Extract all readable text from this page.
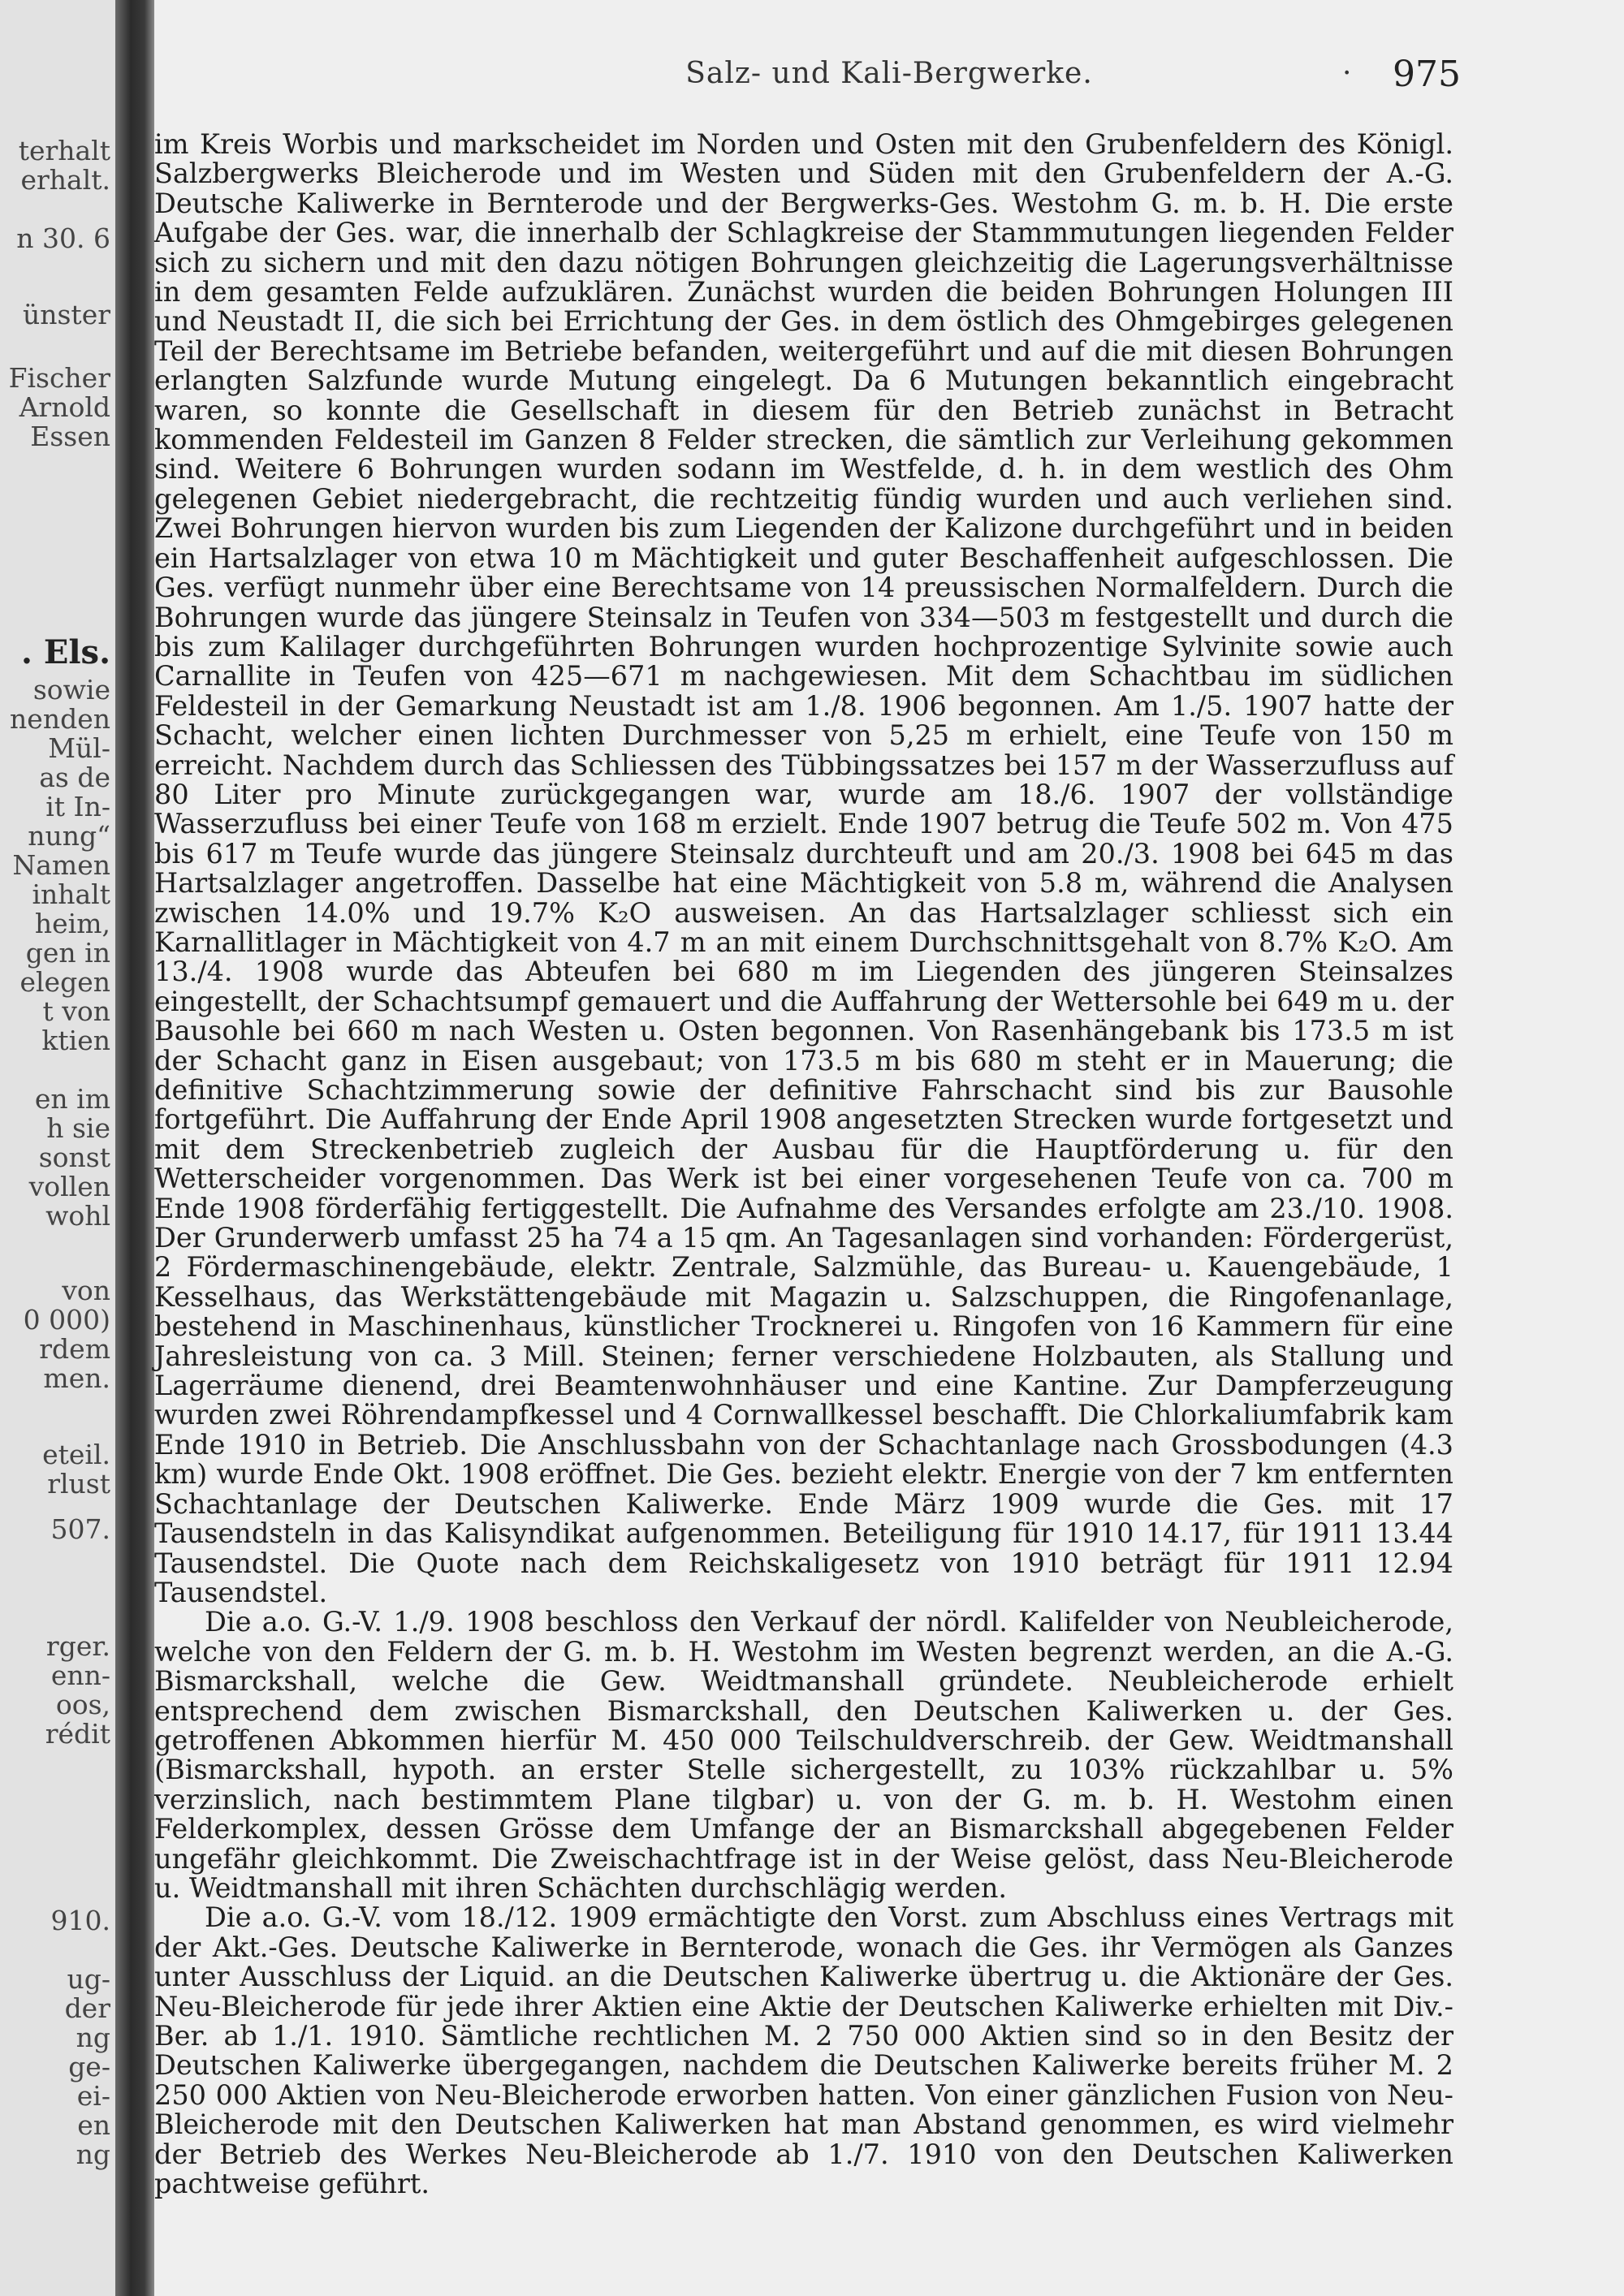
terhalt
erhalt.
n 30. 6
ünster
Fischer
Arnold
Essen
. Els.
sowie
nenden
Mül-
as de
it In-
nung“
Namen
inhalt
heim,
gen in
elegen
t von
ktien
en im
h sie
sonst
vollen
wohl
von
0 000)
rdem
men.
eteil.
rlust
507.
rger.
enn-
oos,
rédit
910.
ug-
der
ng
ge-
ei-
en
ng
Salz- und Kali-Bergwerke.	· 975

im Kreis Worbis und markscheidet im Norden und Osten mit den Grubenfeldern des Königl. Salzbergwerks Bleicherode und im Westen und Süden mit den Grubenfeldern der A.-G. Deutsche Kaliwerke in Bernterode und der Bergwerks-Ges. Westohm G. m. b. H. Die erste Aufgabe der Ges. war, die innerhalb der Schlagkreise der Stammmutungen liegenden Felder sich zu sichern und mit den dazu nötigen Bohrungen gleichzeitig die Lagerungsverhältnisse in dem gesamten Felde aufzuklären. Zunächst wurden die beiden Bohrungen Holungen III und Neustadt II, die sich bei Errichtung der Ges. in dem östlich des Ohmgebirges gelegenen Teil der Berechtsame im Betriebe befanden, weitergeführt und auf die mit diesen Bohrungen erlangten Salzfunde wurde Mutung eingelegt. Da 6 Mutungen bekanntlich eingebracht waren, so konnte die Gesellschaft in diesem für den Betrieb zunächst in Betracht kommenden Feldesteil im Ganzen 8 Felder strecken, die sämtlich zur Verleihung gekommen sind. Weitere 6 Bohrungen wurden sodann im Westfelde, d. h. in dem westlich des Ohm gelegenen Gebiet niedergebracht, die rechtzeitig fündig wurden und auch verliehen sind. Zwei Bohrungen hiervon wurden bis zum Liegenden der Kalizone durchgeführt und in beiden ein Hartsalzlager von etwa 10 m Mächtigkeit und guter Beschaffenheit aufgeschlossen. Die Ges. verfügt nunmehr über eine Berechtsame von 14 preussischen Normalfeldern. Durch die Bohrungen wurde das jüngere Steinsalz in Teufen von 334—503 m festgestellt und durch die bis zum Kalilager durchgeführten Bohrungen wurden hochprozentige Sylvinite sowie auch Carnallite in Teufen von 425—671 m nachgewiesen. Mit dem Schachtbau im südlichen Feldesteil in der Gemarkung Neustadt ist am 1./8. 1906 begonnen. Am 1./5. 1907 hatte der Schacht, welcher einen lichten Durchmesser von 5,25 m erhielt, eine Teufe von 150 m erreicht. Nachdem durch das Schliessen des Tübbingssatzes bei 157 m der Wasserzufluss auf 80 Liter pro Minute zurückgegangen war, wurde am 18./6. 1907 der vollständige Wasserzufluss bei einer Teufe von 168 m erzielt. Ende 1907 betrug die Teufe 502 m. Von 475 bis 617 m Teufe wurde das jüngere Steinsalz durchteuft und am 20./3. 1908 bei 645 m das Hartsalzlager angetroffen. Dasselbe hat eine Mächtigkeit von 5.8 m, während die Analysen zwischen 14.0% und 19.7% K₂O ausweisen. An das Hartsalzlager schliesst sich ein Karnallitlager in Mächtigkeit von 4.7 m an mit einem Durchschnittsgehalt von 8.7% K₂O. Am 13./4. 1908 wurde das Abteufen bei 680 m im Liegenden des jüngeren Steinsalzes eingestellt, der Schachtsumpf gemauert und die Auffahrung der Wettersohle bei 649 m u. der Bausohle bei 660 m nach Westen u. Osten begonnen. Von Rasenhängebank bis 173.5 m ist der Schacht ganz in Eisen ausgebaut; von 173.5 m bis 680 m steht er in Mauerung; die definitive Schachtzimmerung sowie der definitive Fahrschacht sind bis zur Bausohle fortgeführt. Die Auffahrung der Ende April 1908 angesetzten Strecken wurde fortgesetzt und mit dem Streckenbetrieb zugleich der Ausbau für die Hauptförderung u. für den Wetterscheider vorgenommen. Das Werk ist bei einer vorgesehenen Teufe von ca. 700 m Ende 1908 förderfähig fertiggestellt. Die Aufnahme des Versandes erfolgte am 23./10. 1908. Der Grunderwerb umfasst 25 ha 74 a 15 qm. An Tagesanlagen sind vorhanden: Fördergerüst, 2 Fördermaschinengebäude, elektr. Zentrale, Salzmühle, das Bureau- u. Kauengebäude, 1 Kesselhaus, das Werkstättengebäude mit Magazin u. Salzschuppen, die Ringofenanlage, bestehend in Maschinenhaus, künstlicher Trocknerei u. Ringofen von 16 Kammern für eine Jahresleistung von ca. 3 Mill. Steinen; ferner verschiedene Holzbauten, als Stallung und Lagerräume dienend, drei Beamtenwohnhäuser und eine Kantine. Zur Dampferzeugung wurden zwei Röhrendampfkessel und 4 Cornwallkessel beschafft. Die Chlorkaliumfabrik kam Ende 1910 in Betrieb. Die Anschlussbahn von der Schachtanlage nach Grossbodungen (4.3 km) wurde Ende Okt. 1908 eröffnet. Die Ges. bezieht elektr. Energie von der 7 km entfernten Schachtanlage der Deutschen Kaliwerke. Ende März 1909 wurde die Ges. mit 17 Tausendsteln in das Kalisyndikat aufgenommen. Beteiligung für 1910 14.17, für 1911 13.44 Tausendstel. Die Quote nach dem Reichskaligesetz von 1910 beträgt für 1911 12.94 Tausendstel.

Die a.o. G.-V. 1./9. 1908 beschloss den Verkauf der nördl. Kalifelder von Neubleicherode, welche von den Feldern der G. m. b. H. Westohm im Westen begrenzt werden, an die A.-G. Bismarckshall, welche die Gew. Weidtmanshall gründete. Neubleicherode erhielt entsprechend dem zwischen Bismarckshall, den Deutschen Kaliwerken u. der Ges. getroffenen Abkommen hierfür M. 450 000 Teilschuldverschreib. der Gew. Weidtmanshall (Bismarckshall, hypoth. an erster Stelle sichergestellt, zu 103% rückzahlbar u. 5% verzinslich, nach bestimmtem Plane tilgbar) u. von der G. m. b. H. Westohm einen Felderkomplex, dessen Grösse dem Umfange der an Bismarckshall abgegebenen Felder ungefähr gleichkommt. Die Zweischachtfrage ist in der Weise gelöst, dass Neu-Bleicherode u. Weidtmanshall mit ihren Schächten durchschlägig werden.

Die a.o. G.-V. vom 18./12. 1909 ermächtigte den Vorst. zum Abschluss eines Vertrags mit der Akt.-Ges. Deutsche Kaliwerke in Bernterode, wonach die Ges. ihr Vermögen als Ganzes unter Ausschluss der Liquid. an die Deutschen Kaliwerke übertrug u. die Aktionäre der Ges. Neu-Bleicherode für jede ihrer Aktien eine Aktie der Deutschen Kaliwerke erhielten mit Div.-Ber. ab 1./1. 1910. Sämtliche rechtlichen M. 2 750 000 Aktien sind so in den Besitz der Deutschen Kaliwerke übergegangen, nachdem die Deutschen Kaliwerke bereits früher M. 2 250 000 Aktien von Neu-Bleicherode erworben hatten. Von einer gänzlichen Fusion von Neu-Bleicherode mit den Deutschen Kaliwerken hat man Abstand genommen, es wird vielmehr der Betrieb des Werkes Neu-Bleicherode ab 1./7. 1910 von den Deutschen Kaliwerken pachtweise geführt.
